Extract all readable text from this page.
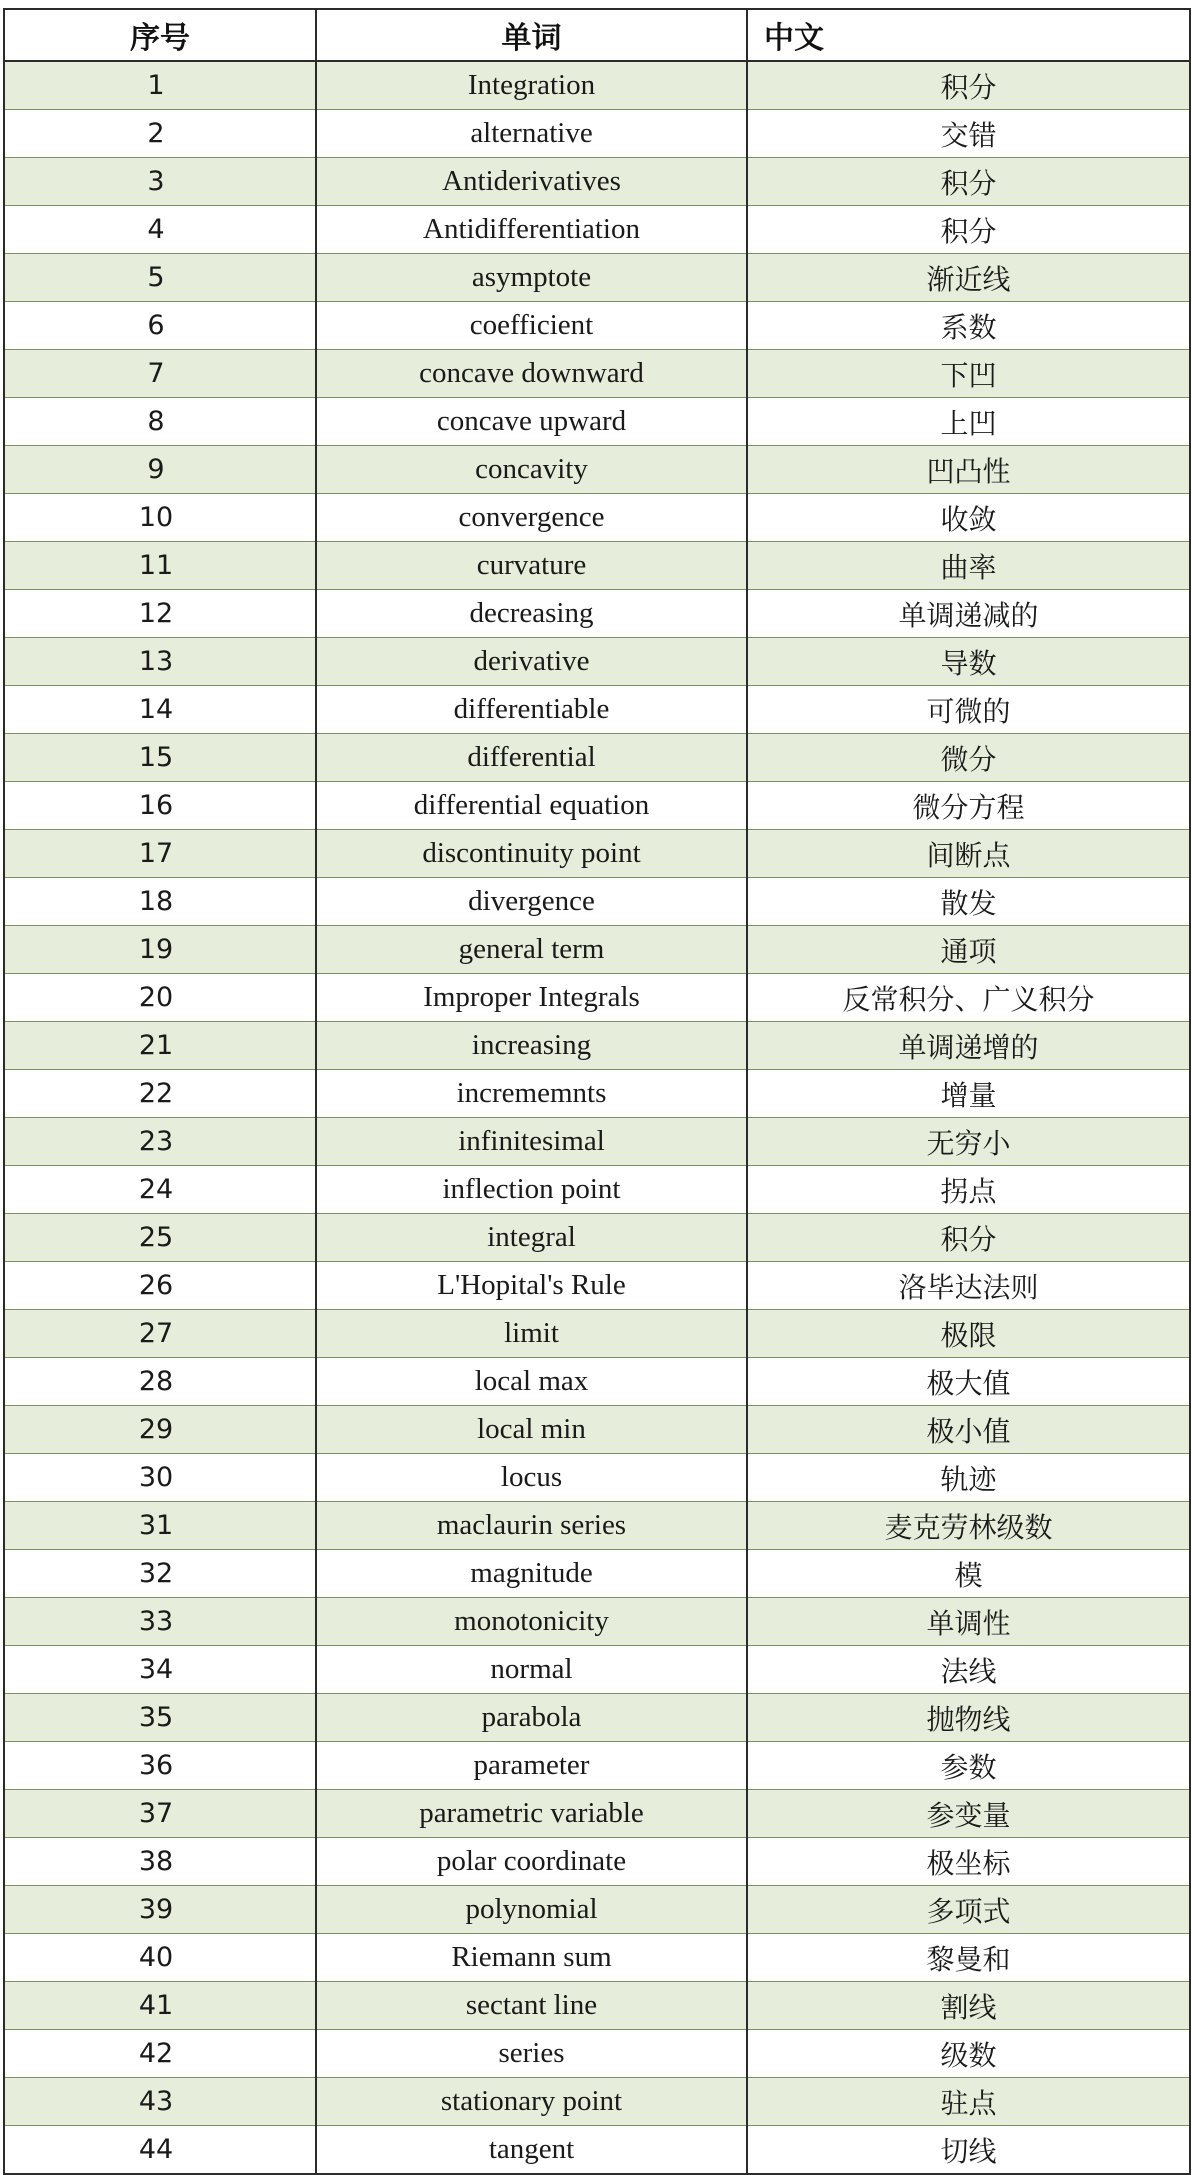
序号	单词	中文
1	Integration	积分
2	alternative	交错
3	Antiderivatives	积分
4	Antidifferentiation	积分
5	asymptote	渐近线
6	coefficient	系数
7	concave downward	下凹
8	concave upward	上凹
9	concavity	凹凸性
10	convergence	收敛
11	curvature	曲率
12	decreasing	单调递减的
13	derivative	导数
14	differentiable	可微的
15	differential	微分
16	differential equation	微分方程
17	discontinuity point	间断点
18	divergence	散发
19	general term	通项
20	Improper Integrals	反常积分、广义积分
21	increasing	单调递增的
22	incrememnts	增量
23	infinitesimal	无穷小
24	inflection point	拐点
25	integral	积分
26	L'Hopital's Rule	洛毕达法则
27	limit	极限
28	local max	极大值
29	local min	极小值
30	locus	轨迹
31	maclaurin series	麦克劳林级数
32	magnitude	模
33	monotonicity	单调性
34	normal	法线
35	parabola	抛物线
36	parameter	参数
37	parametric variable	参变量
38	polar coordinate	极坐标
39	polynomial	多项式
40	Riemann sum	黎曼和
41	sectant line	割线
42	series	级数
43	stationary point	驻点
44	tangent	切线
